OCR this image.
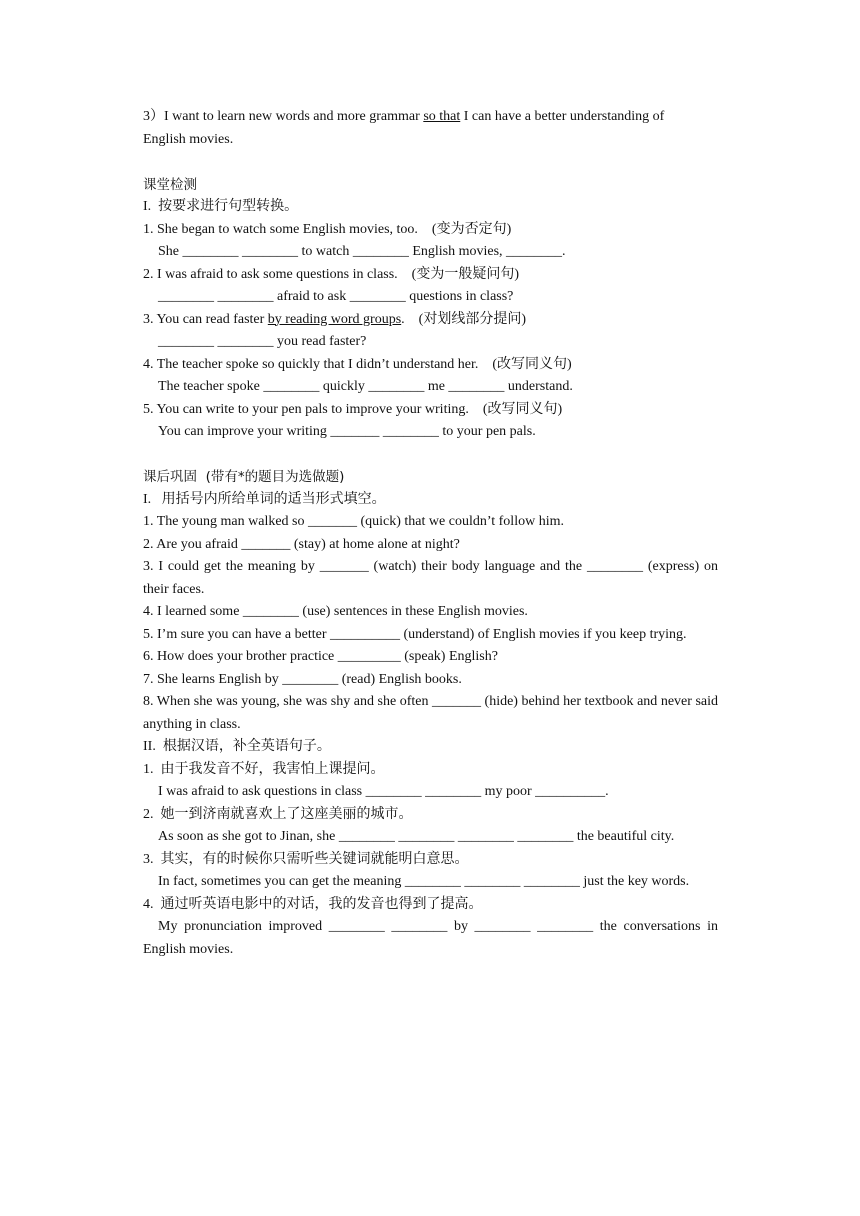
3）I want to learn new words and more grammar so that I can have a better understanding of
English movies.
课堂检测
I.  按要求进行句型转换。
1. She began to watch some English movies, too.    (变为否定句)
She ________ ________ to watch ________ English movies, ________.
2. I was afraid to ask some questions in class.    (变为一般疑问句)
________ ________ afraid to ask ________ questions in class?
3. You can read faster by reading word groups.    (对划线部分提问)
________ ________ you read faster?
4. The teacher spoke so quickly that I didn’t understand her.    (改写同义句)
The teacher spoke ________ quickly ________ me ________ understand.
5. You can write to your pen pals to improve your writing.    (改写同义句)
You can improve your writing _______ ________ to your pen pals.
课后巩固  (带有*的题目为选做题)
I.   用括号内所给单词的适当形式填空。
1. The young man walked so _______ (quick) that we couldn’t follow him.
2. Are you afraid _______ (stay) at home alone at night?
3. I could get the meaning by _______ (watch) their body language and the ________ (express) on their faces.
4. I learned some ________ (use) sentences in these English movies.
5. I’m sure you can have a better __________ (understand) of English movies if you keep trying.
6. How does your brother practice _________ (speak) English?
7. She learns English by ________ (read) English books.
8. When she was young, she was shy and she often _______ (hide) behind her textbook and never said anything in class.
II.  根据汉语，补全英语句子。
1.  由于我发音不好，我害怕上课提问。
I was afraid to ask questions in class ________ ________ my poor __________.
2.  她一到济南就喜欢上了这座美丽的城市。
As soon as she got to Jinan, she ________ ________ ________ ________ the beautiful city.
3.  其实，有的时候你只需听些关键词就能明白意思。
In fact, sometimes you can get the meaning ________ ________ ________ just the key words.
4.  通过听英语电影中的对话，我的发音也得到了提高。
My pronunciation improved ________ ________ by ________ ________ the conversations in English movies.
